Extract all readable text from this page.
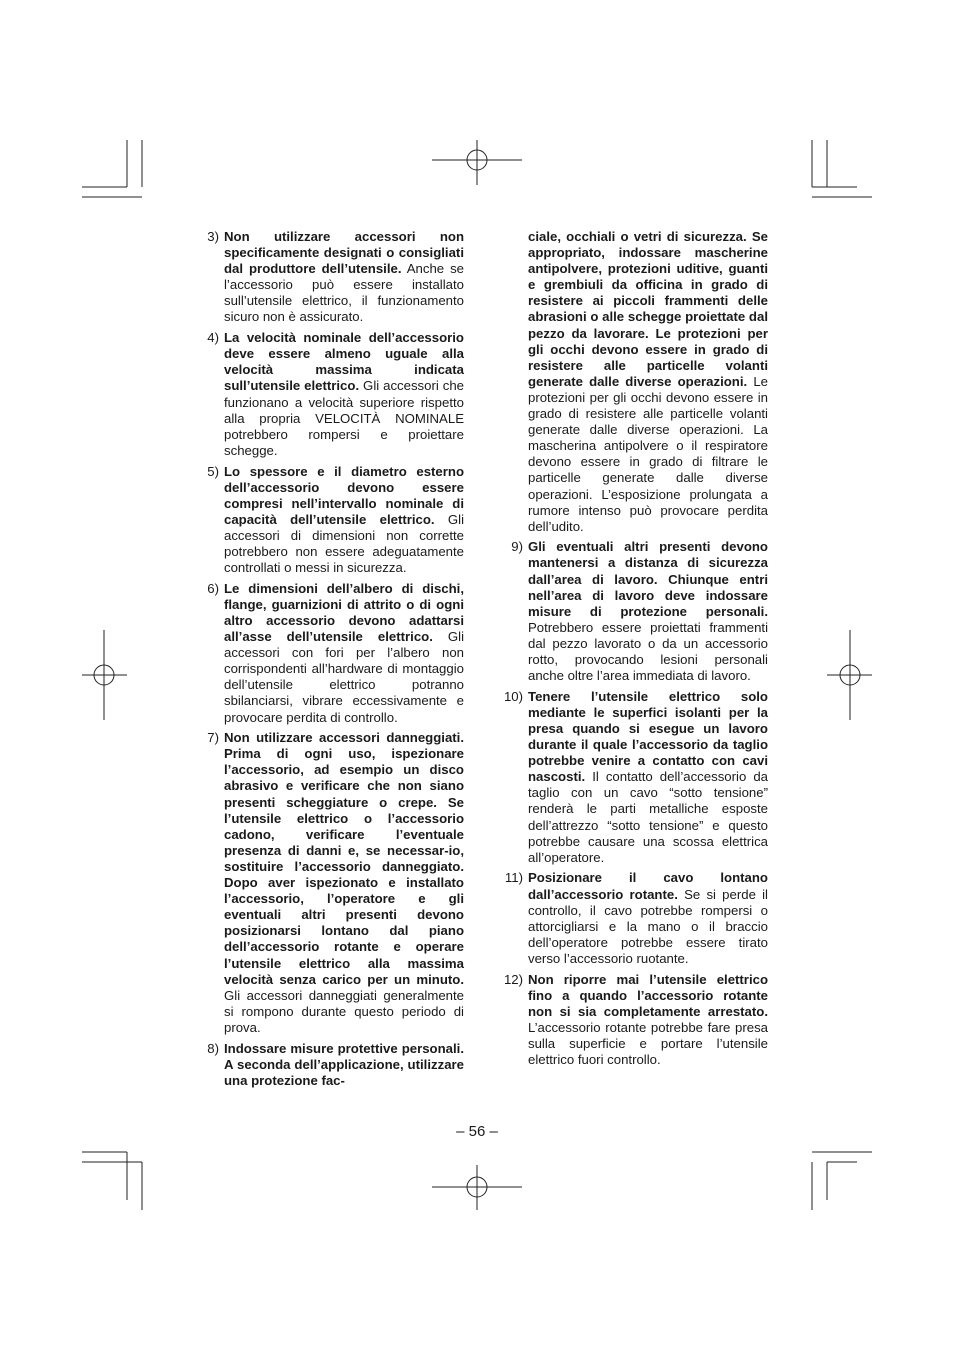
3) Non utilizzare accessori non specificamente designati o consigliati dal produttore dell’utensile. Anche se l’accessorio può essere installato sull’utensile elettrico, il funzionamento sicuro non è assicurato.
4) La velocità nominale dell’accessorio deve essere almeno uguale alla velocità massima indicata sull’utensile elettrico. Gli accessori che funzionano a velocità superiore rispetto alla propria VELOCITÀ NOMINALE potrebbero rompersi e proiettare schegge.
5) Lo spessore e il diametro esterno dell’accessorio devono essere compresi nell’intervallo nominale di capacità dell’utensile elettrico. Gli accessori di dimensioni non corrette potrebbero non essere adeguatamente controllati o messi in sicurezza.
6) Le dimensioni dell’albero di dischi, flange, guarnizioni di attrito o di ogni altro accessorio devono adattarsi all’asse dell’utensile elettrico. Gli accessori con fori per l’albero non corrispondenti all’hardware di montaggio dell’utensile elettrico potranno sbilanciarsi, vibrare eccessivamente e provocare perdita di controllo.
7) Non utilizzare accessori danneggiati. Prima di ogni uso, ispezionare l’accessorio, ad esempio un disco abrasivo e verificare che non siano presenti scheggiature o crepe. Se l’utensile elettrico o l’accessorio cadono, verificare l’eventuale presenza di danni e, se necessar-io, sostituire l’accessorio danneggiato. Dopo aver ispezionato e installato l’accessorio, l’operatore e gli eventuali altri presenti devono posizionarsi lontano dal piano dell’accessorio rotante e operare l’utensile elettrico alla massima velocità senza carico per un minuto. Gli accessori danneggiati generalmente si rompono durante questo periodo di prova.
8) Indossare misure protettive personali. A seconda dell’applicazione, utilizzare una protezione fac-
ciale, occhiali o vetri di sicurezza. Se appropriato, indossare mascherine antipolvere, protezioni uditive, guanti e grembiuli da officina in grado di resistere ai piccoli frammenti delle abrasioni o alle schegge proiettate dal pezzo da lavorare. Le protezioni per gli occhi devono essere in grado di resistere alle particelle volanti generate dalle diverse operazioni. Le protezioni per gli occhi devono essere in grado di resistere alle particelle volanti generate dalle diverse operazioni. La mascherina antipolvere o il respiratore devono essere in grado di filtrare le particelle generate dalle diverse operazioni. L’esposizione prolungata a rumore intenso può provocare perdita dell’udito.
9) Gli eventuali altri presenti devono mantenersi a distanza di sicurezza dall’area di lavoro. Chiunque entri nell’area di lavoro deve indossare misure di protezione personali. Potrebbero essere proiettati frammenti dal pezzo lavorato o da un accessorio rotto, provocando lesioni personali anche oltre l’area immediata di lavoro.
10) Tenere l’utensile elettrico solo mediante le superfici isolanti per la presa quando si esegue un lavoro durante il quale l’accessorio da taglio potrebbe venire a contatto con cavi nascosti. Il contatto dell’accessorio da taglio con un cavo “sotto tensione” renderà le parti metalliche esposte dell’attrezzo “sotto tensione” e questo potrebbe causare una scossa elettrica all’operatore.
11) Posizionare il cavo lontano dall’accessorio rotante. Se si perde il controllo, il cavo potrebbe rompersi o attorcigliarsi e la mano o il braccio dell’operatore potrebbe essere tirato verso l’accessorio ruotante.
12) Non riporre mai l’utensile elettrico fino a quando l’accessorio rotante non si sia completamente arrestato. L’accessorio rotante potrebbe fare presa sulla superficie e portare l’utensile elettrico fuori controllo.
– 56 –
